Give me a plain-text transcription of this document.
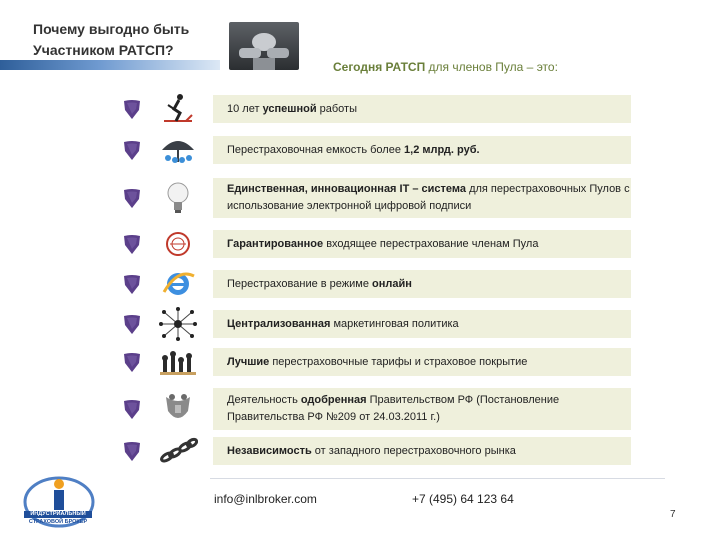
Почему выгодно быть
Участником РАТСП?
Сегодня РАТСП для членов Пула – это:
10 лет успешной работы
Перестраховочная емкость более 1,2 млрд. руб.
Единственная, инновационная IT – система для перестраховочных Пулов с использование электронной цифровой подписи
Гарантированное входящее перестрахование членам Пула
Перестрахование в режиме онлайн
Централизованная маркетинговая политика
Лучшие перестраховочные тарифы и страховое покрытие
Деятельность одобренная Правительством РФ (Постановление Правительства РФ №209 от 24.03.2011 г.)
Независимость от западного перестраховочного рынка
info@inlbroker.com	+7 (495) 64 123 64
7
ИНДУСТРИАЛЬНЫЙ
СТРАХОВОЙ БРОКЕР
